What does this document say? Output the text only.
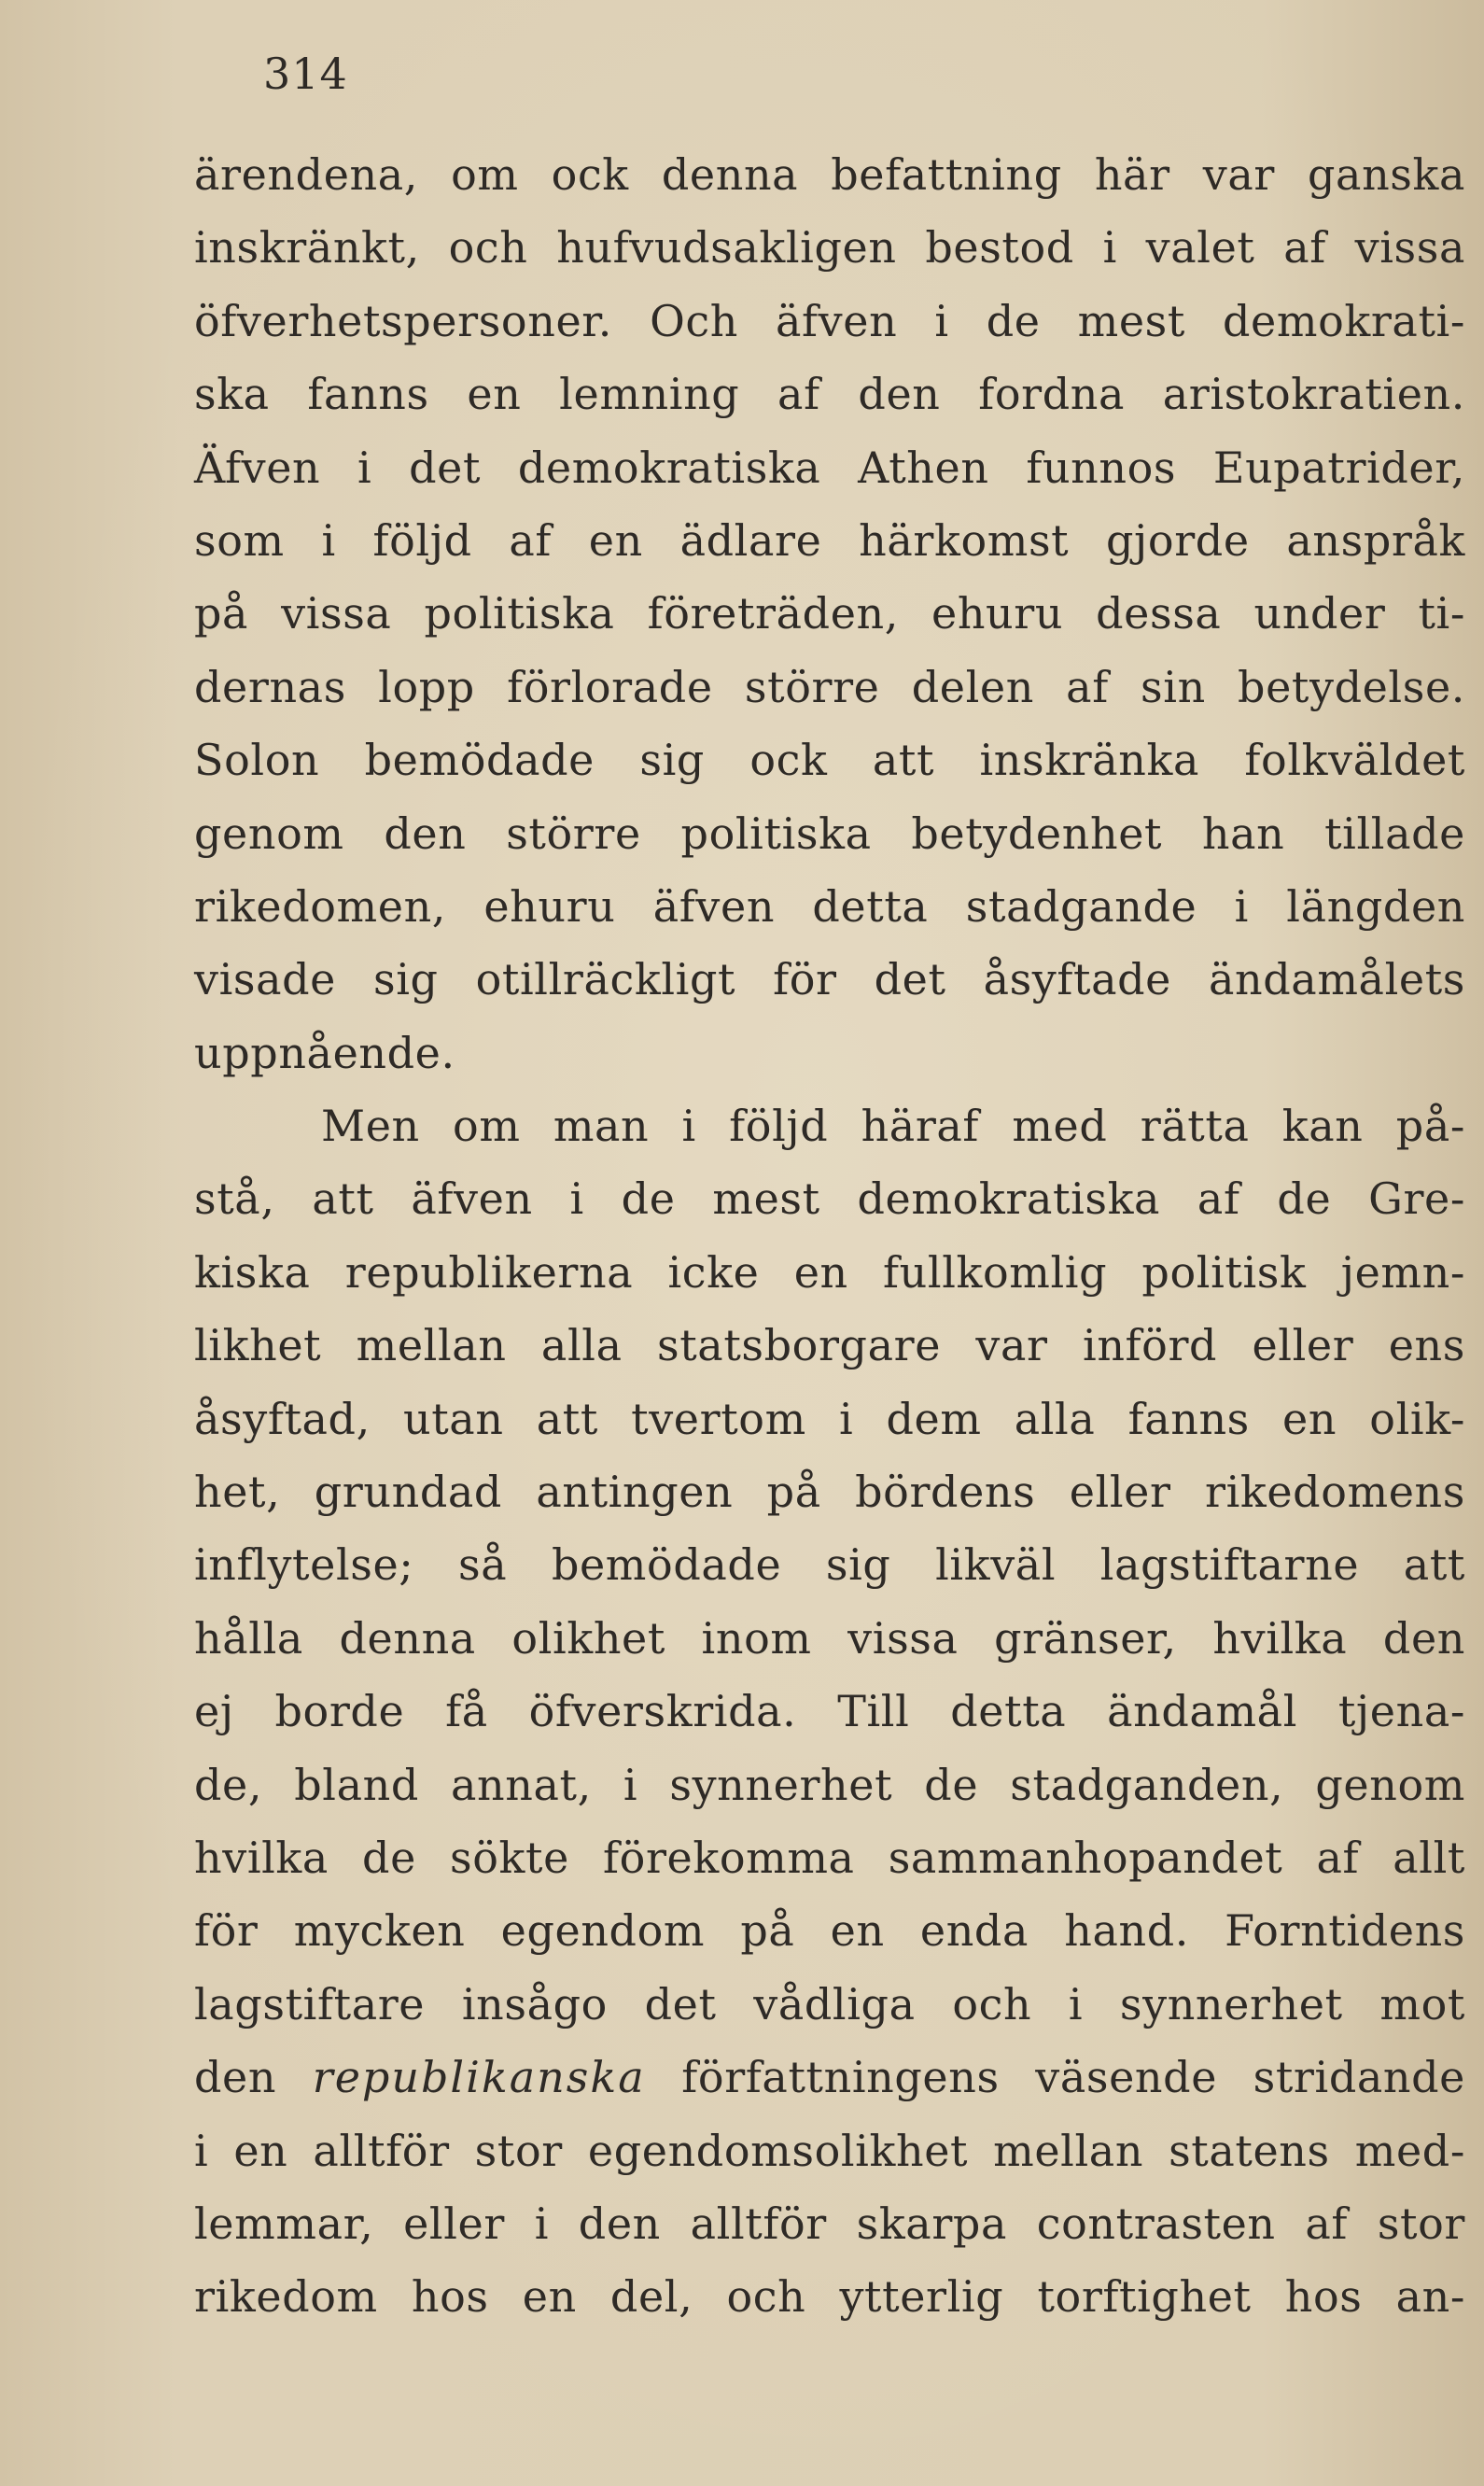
314
ärendena, om ock denna befattning här var ganska
inskränkt, och hufvudsakligen bestod i valet af vissa
öfverhetspersoner. Och äfven i de mest demokrati-
ska fanns en lemning af den fordna aristokratien.
Äfven i det demokratiska Athen funnos Eupatrider,
som i följd af en ädlare härkomst gjorde anspråk
på vissa politiska företräden, ehuru dessa under ti-
dernas lopp förlorade större delen af sin betydelse.
Solon bemödade sig ock att inskränka folkväldet
genom den större politiska betydenhet han tillade
rikedomen, ehuru äfven detta stadgande i längden
visade sig otillräckligt för det åsyftade ändamålets
uppnående.
Men om man i följd häraf med rätta kan på-
stå, att äfven i de mest demokratiska af de Gre-
kiska republikerna icke en fullkomlig politisk jemn-
likhet mellan alla statsborgare var införd eller ens
åsyftad, utan att tvertom i dem alla fanns en olik-
het, grundad antingen på bördens eller rikedomens
inflytelse; så bemödade sig likväl lagstiftarne att
hålla denna olikhet inom vissa gränser, hvilka den
ej borde få öfverskrida. Till detta ändamål tjena-
de, bland annat, i synnerhet de stadganden, genom
hvilka de sökte förekomma sammanhopandet af allt
för mycken egendom på en enda hand. Forntidens
lagstiftare insågo det vådliga och i synnerhet mot
den republikanska författningens väsende stridande
i en alltför stor egendomsolikhet mellan statens med-
lemmar, eller i den alltför skarpa contrasten af stor
rikedom hos en del, och ytterlig torftighet hos an-
